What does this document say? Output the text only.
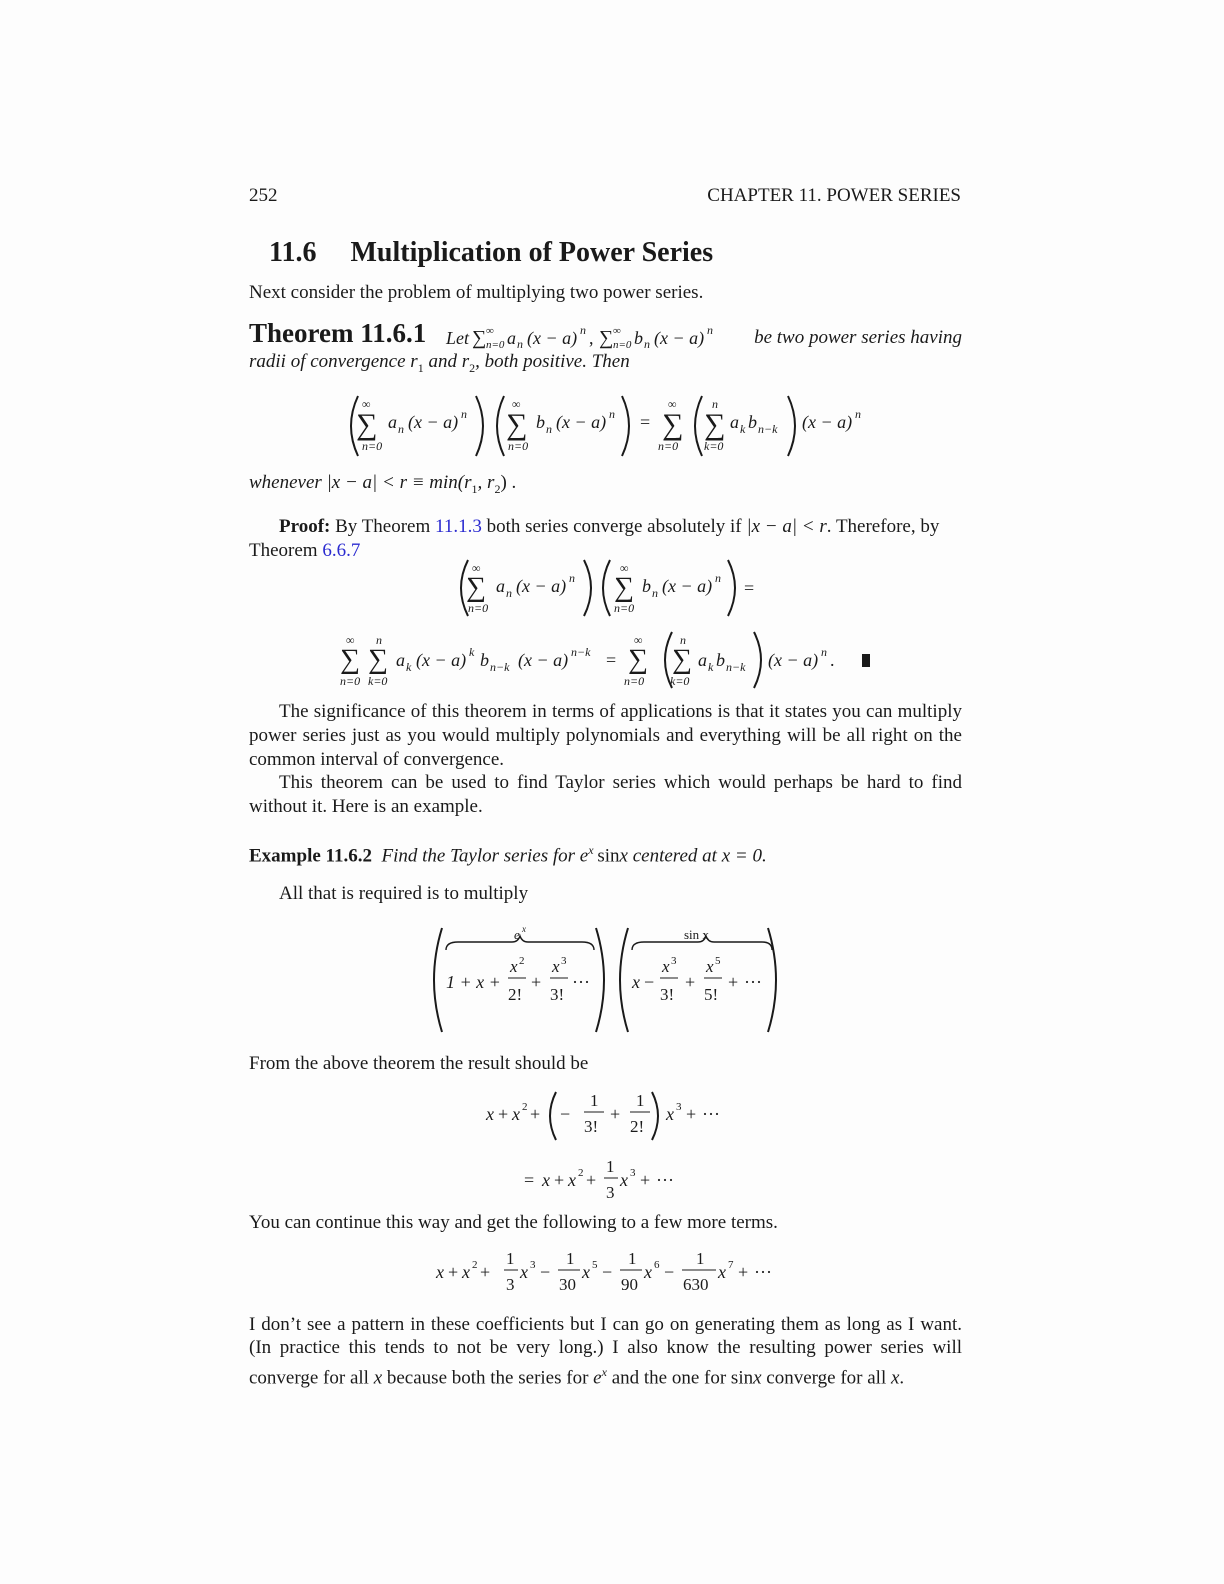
252	CHAPTER 11. POWER SERIES
11.6 Multiplication of Power Series
Next consider the problem of multiplying two power series.
Theorem 11.6.1 Let ∑ ∞
n=0 a n (x − a) n , ∑ ∞
n=0 b n (x − a) n be two power series having
radii of convergence $r_1$ and $r_2$, both positive. Then
∞
∑
n=0
a n (x − a) n
∞
∑
n=0
b n (x − a) n =
∞
∑
n=0
n
∑
k=0
a k b n−k (x − a) n
whenever $|x - a| < r \equiv \min(r_1$, $r_2$) .
Proof: By Theorem 11.1.3 both series converge absolutely if |x − a| < r. Therefore, by
Theorem 6.6.7
∞
∑
n=0
a n (x − a) n
∞
∑
n=0
b n (x − a) n =
∞
∑
n=0
n
∑
k=0
a k (x − a) k b n−k (x − a) n−k =
∞
∑
n=0
n
∑
k=0
a k b n−k (x − a) n .
The significance of this theorem in terms of applications is that it states you can multiply
power series just as you would multiply polynomials and everything will be all right on the
common interval of convergence.
This theorem can be used to find Taylor series which would perhaps be hard to find
without it. Here is an example.
Example 11.6.2 Find the Taylor series for $e^x$  sinx centered at x = 0.
All that is required is to multiply
e x
1 + x +
x 2
2!
+
x 3
3!
···
sin x
x −
x 3
3!
+
x 5
5!
+ ···
From the above theorem the result should be
x + x 2 + −
1
3!
+
1
2!
x 3 + ···
= x + x 2 +
1
3
x 3 + ···
You can continue this way and get the following to a few more terms.
x + x 2 +
1
3
x 3 −
1
30
x 5 −
1
90
x 6 −
1
630
x 7 + ···
I don’t see a pattern in these coefficients but I can go on generating them as long as I want.
(In practice this tends to not be very long.) I also know the resulting power series will
converge for all x because both the series for $e^x$ and the one for sinx converge for all x.
